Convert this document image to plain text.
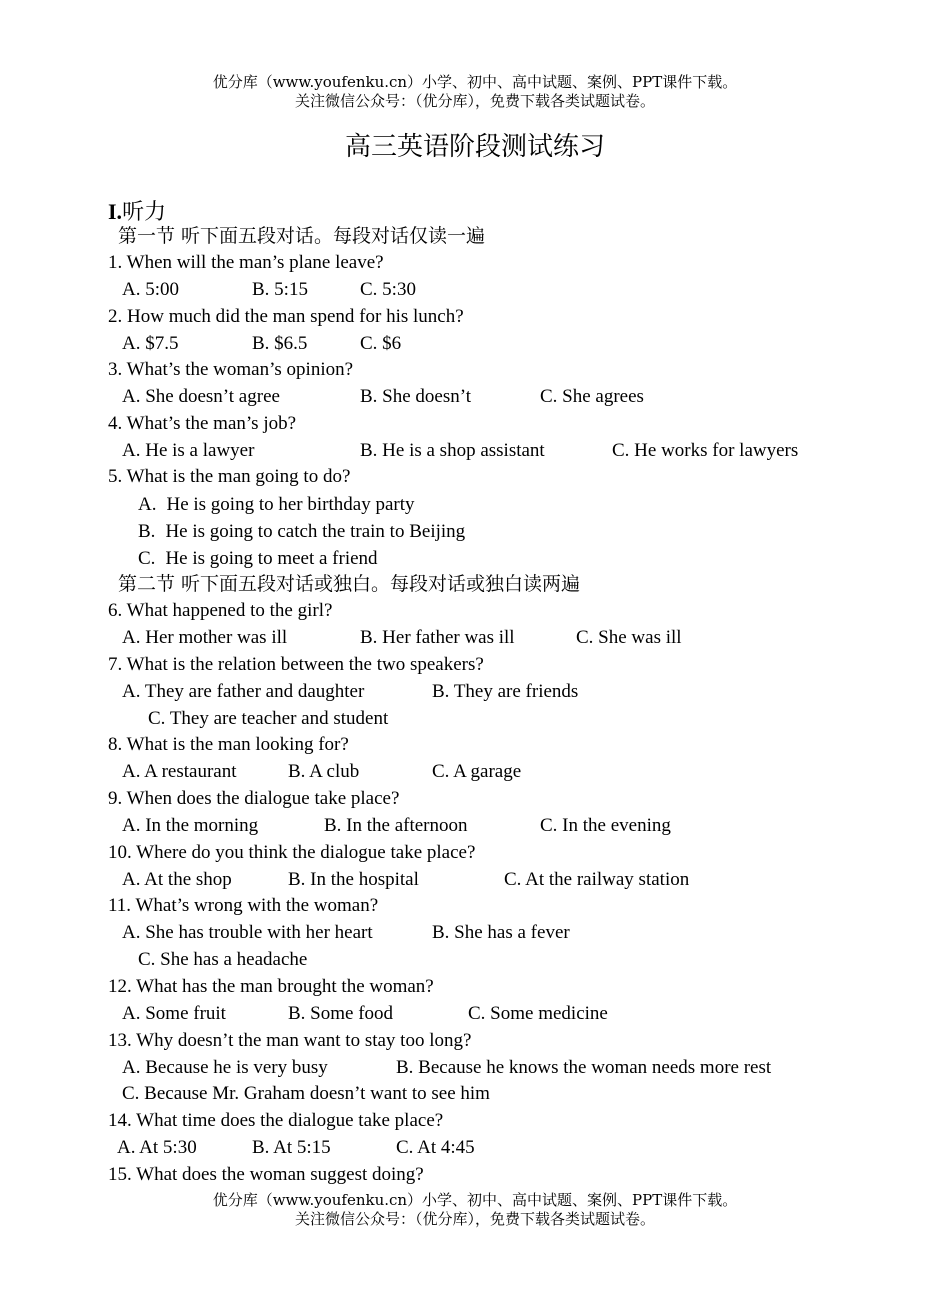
优分库（www.youfenku.cn）小学、初中、高中试题、案例、PPT课件下载。
关注微信公众号：（优分库），免费下载各类试题试卷。
高三英语阶段测试练习
I.听力
第一节 听下面五段对话。每段对话仅读一遍
1. When will the man’s plane leave?
A. 5:00	B. 5:15	C. 5:30
2. How much did the man spend for his lunch?
A. $7.5	B. $6.5	C. $6
3. What’s the woman’s opinion?
A. She doesn’t agree	B. She doesn’t	C. She agrees
4. What’s the man’s job?
A. He is a lawyer	B. He is a shop assistant	C. He works for lawyers
5. What is the man going to do?
A. He is going to her birthday party
B. He is going to catch the train to Beijing
C. He is going to meet a friend
第二节 听下面五段对话或独白。每段对话或独白读两遍
6. What happened to the girl?
A. Her mother was ill	B. Her father was ill	C. She was ill
7. What is the relation between the two speakers?
A. They are father and daughter	B. They are friends
C. They are teacher and student
8. What is the man looking for?
A. A restaurant	B. A club	C. A garage
9. When does the dialogue take place?
A. In the morning	B. In the afternoon	C. In the evening
10. Where do you think the dialogue take place?
A. At the shop	B. In the hospital	C. At the railway station
11. What’s wrong with the woman?
A. She has trouble with her heart	B. She has a fever
C. She has a headache
12. What has the man brought the woman?
A. Some fruit	B. Some food	C. Some medicine
13. Why doesn’t the man want to stay too long?
A. Because he is very busy	B. Because he knows the woman needs more rest
C. Because Mr. Graham doesn’t want to see him
14. What time does the dialogue take place?
A. At 5:30	B. At 5:15	C. At 4:45
15. What does the woman suggest doing?
优分库（www.youfenku.cn）小学、初中、高中试题、案例、PPT课件下载。
关注微信公众号：（优分库），免费下载各类试题试卷。
